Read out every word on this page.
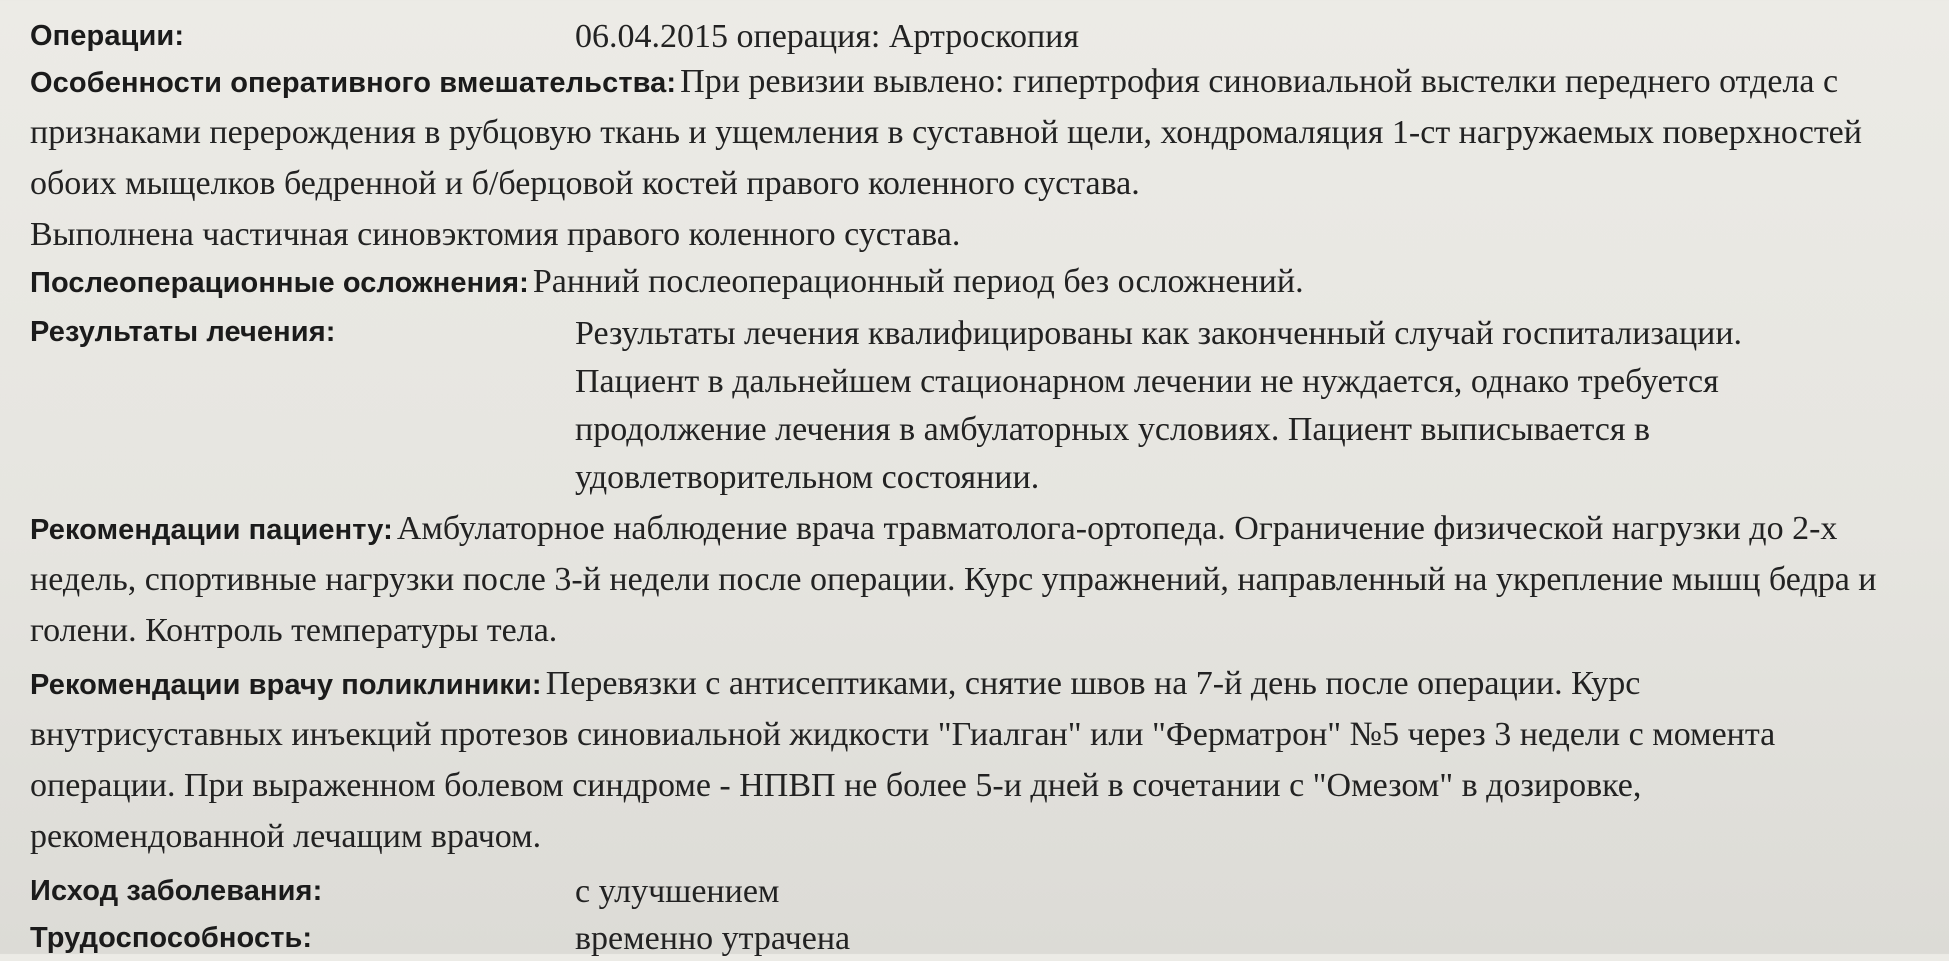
Операции:	06.04.2015 операция: Артроскопия

Особенности оперативного вмешательства: При ревизии вывлено: гипертрофия синовиальной выстелки переднего отдела с признаками перерождения в рубцовую ткань и ущемления в суставной щели, хондромаляция 1-ст нагружаемых поверхностей обоих мыщелков бедренной и б/берцовой костей правого коленного сустава.

Выполнена частичная синовэктомия правого коленного сустава.

Послеоперационные осложнения: Ранний послеоперационный период без осложнений.

Результаты лечения:	Результаты лечения квалифицированы как законченный случай госпитализации. Пациент в дальнейшем стационарном лечении не нуждается, однако требуется продолжение лечения в амбулаторных условиях. Пациент выписывается в удовлетворительном состоянии.

Рекомендации пациенту: Амбулаторное наблюдение врача травматолога-ортопеда. Ограничение физической нагрузки до 2-х недель, спортивные нагрузки после 3-й недели после операции. Курс упражнений, направленный на укрепление мышц бедра и голени. Контроль температуры тела.

Рекомендации врачу поликлиники: Перевязки с антисептиками, снятие швов на 7-й день после операции. Курс внутрисуставных инъекций протезов синовиальной жидкости "Гиалган" или "Ферматрон" №5 через 3 недели с момента операции. При выраженном болевом синдроме - НПВП не более 5-и дней в сочетании с "Омезом" в дозировке, рекомендованной лечащим врачом.

Исход заболевания:	с улучшением
Трудоспособность:	временно утрачена
